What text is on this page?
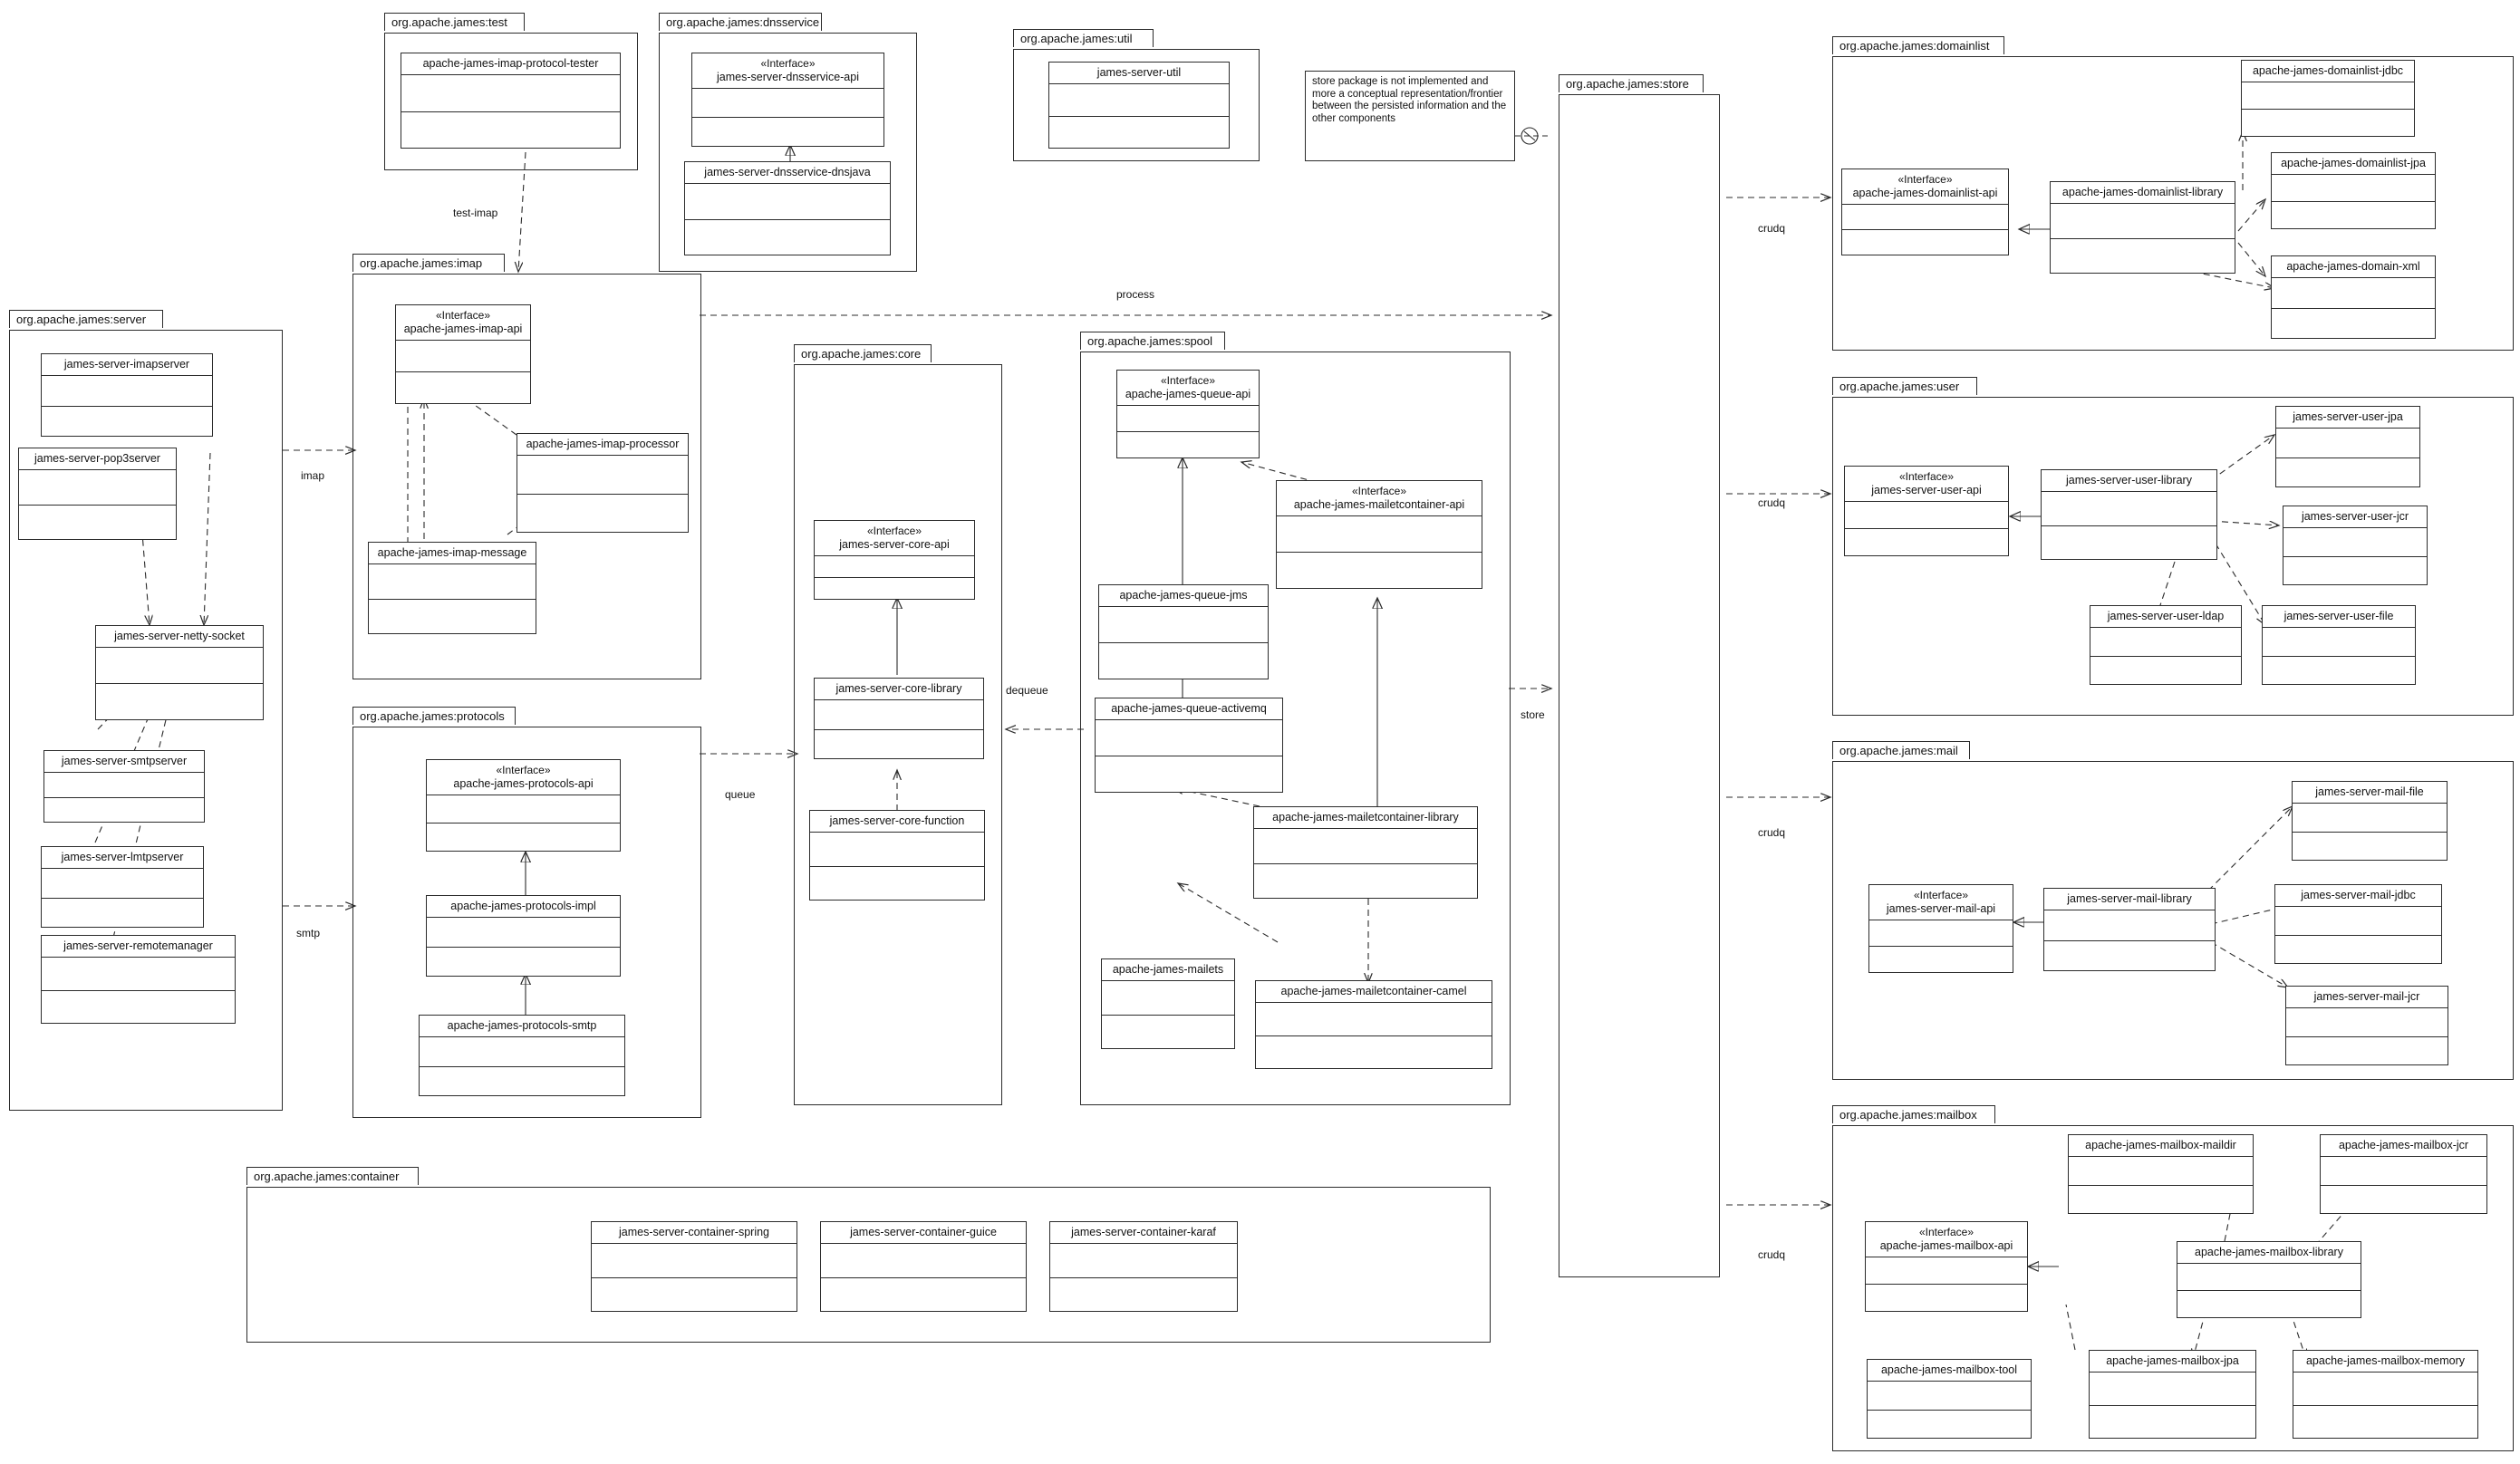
test-imap
process
imap
smtp
queue
dequeue
store
crudq
crudq
crudq
crudq
store package is not implemented and more a conceptual representation/frontier between the persisted information and the other components
org.apache.james:test
apache-james-imap-protocol-tester
org.apache.james:dnsservice
«Interface»
james-server-dnsservice-api
james-server-dnsservice-dnsjava
org.apache.james:util
james-server-util
org.apache.james:store
org.apache.james:domainlist
«Interface»
apache-james-domainlist-api	apache-james-domainlist-library
apache-james-domainlist-jdbc
apache-james-domainlist-jpa
apache-james-domain-xml
org.apache.james:user
«Interface»
james-server-user-api
james-server-user-library
james-server-user-jpa
james-server-user-jcr
james-server-user-ldap	james-server-user-file
org.apache.james:mail
«Interface»
james-server-mail-api
james-server-mail-library
james-server-mail-file
james-server-mail-jdbc
james-server-mail-jcr
org.apache.james:mailbox
«Interface»
apache-james-mailbox-api	apache-james-mailbox-library
apache-james-mailbox-maildir	apache-james-mailbox-jcr
apache-james-mailbox-tool
apache-james-mailbox-jpa	apache-james-mailbox-memory
org.apache.james:imap
«Interface»
apache-james-imap-api
apache-james-imap-processor
apache-james-imap-message
org.apache.james:server
james-server-imapserver
james-server-pop3server
james-server-netty-socket
james-server-smtpserver
james-server-lmtpserver
james-server-remotemanager
org.apache.james:protocols
«Interface»
apache-james-protocols-api
apache-james-protocols-impl
apache-james-protocols-smtp
org.apache.james:core
«Interface»
james-server-core-api
james-server-core-library
james-server-core-function
org.apache.james:spool
«Interface»
apache-james-queue-api
«Interface»
apache-james-mailetcontainer-api
apache-james-queue-jms
apache-james-queue-activemq
apache-james-mailetcontainer-library
apache-james-mailets
apache-james-mailetcontainer-camel
org.apache.james:container
james-server-container-spring	james-server-container-guice	james-server-container-karaf
